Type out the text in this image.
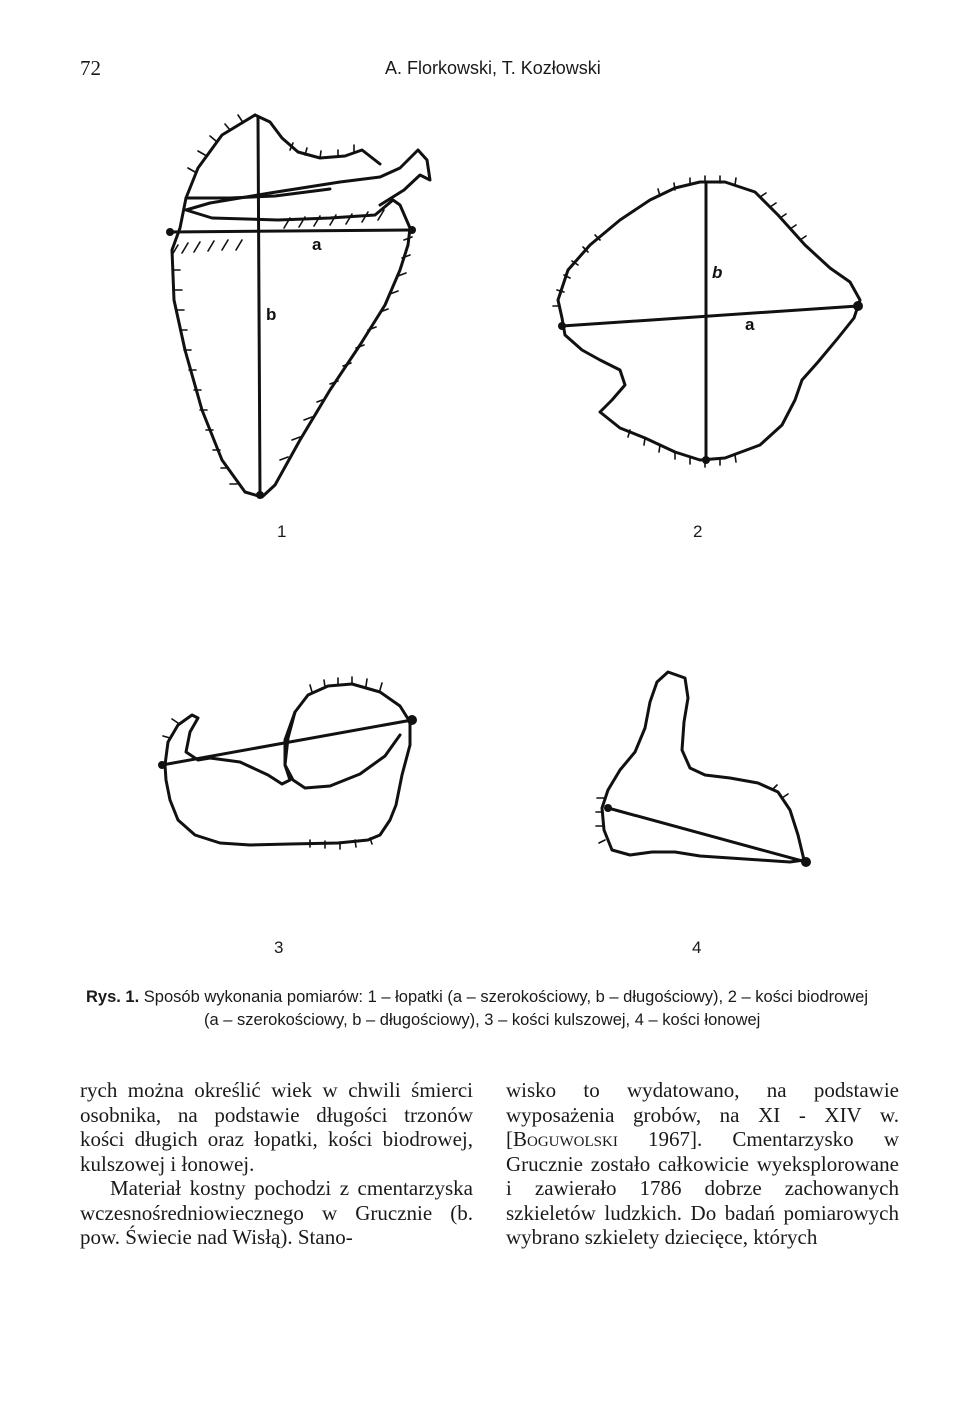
72	A. Florkowski, T. Kozłowski
a
b
b
a
1	2
3	4
Rys. 1. Sposób wykonania pomiarów: 1 – łopatki (a – szerokościowy, b – długościowy), 2 – kości biodrowej
(a – szerokościowy, b – długościowy), 3 – kości kulszowej, 4 – kości łonowej

rych można określić wiek w chwili śmierci osobnika, na podstawie długości trzonów kości długich oraz łopatki, kości biodrowej, kulszowej i łonowej.

Materiał kostny pochodzi z cmentarzyska wczesnośredniowiecznego w Grucznie (b. pow. Świecie nad Wisłą). Stano-

wisko to wydatowano, na podstawie wyposażenia grobów, na XI - XIV w. [Boguwolski 1967]. Cmentarzysko w Grucznie zostało całkowicie wyeksplorowane i zawierało 1786 dobrze zachowanych szkieletów ludzkich. Do badań pomiarowych wybrano szkielety dziecięce, których
